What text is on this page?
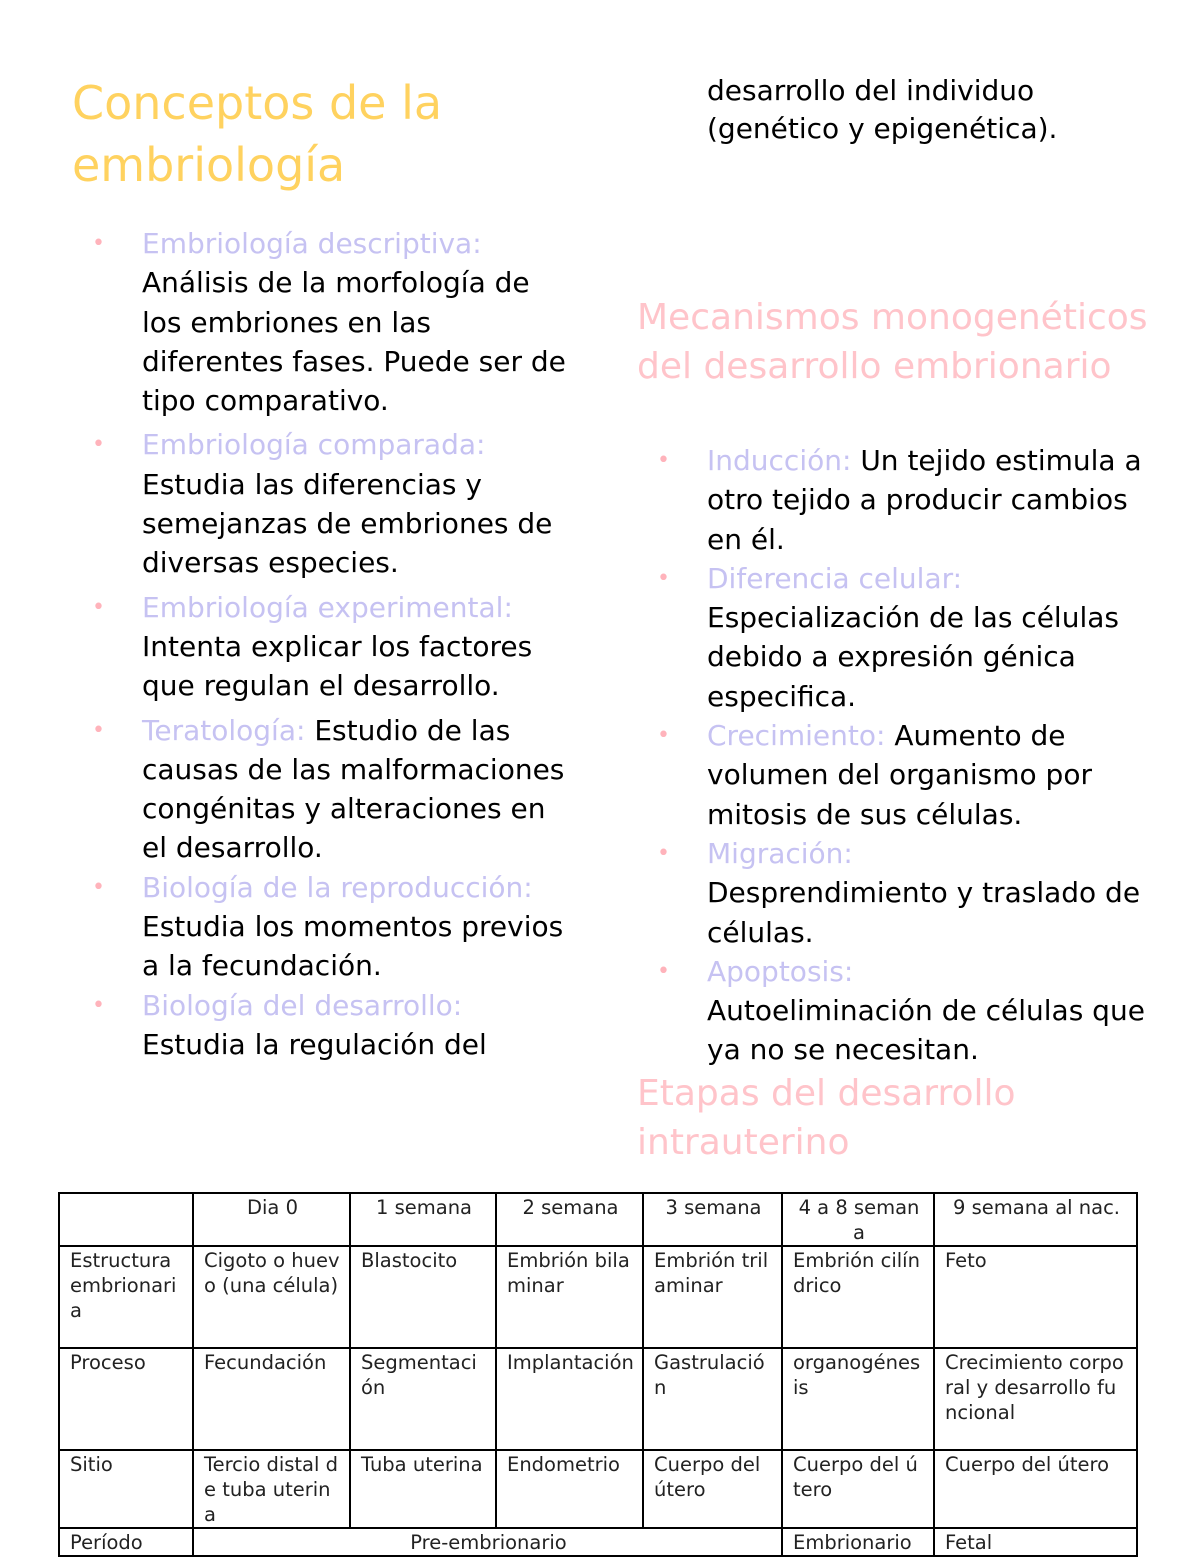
Conceptos de la embriología
• Embriología descriptiva:
Análisis de la morfología de los embriones en las diferentes fases. Puede ser de tipo comparativo.
• Embriología comparada:
Estudia las diferencias y semejanzas de embriones de diversas especies.
• Embriología experimental:
Intenta explicar los factores que regulan el desarrollo.
• Teratología: Estudio de las causas de las malformaciones congénitas y alteraciones en el desarrollo.
• Biología de la reproducción: Estudia los momentos previos a la fecundación.
• Biología del desarrollo:
Estudia la regulación del
desarrollo del individuo (genético y epigenética).
Mecanismos monogenéticos del desarrollo embrionario
• Inducción: Un tejido estimula a otro tejido a producir cambios en él.
• Diferencia celular:
Especialización de las células debido a expresión génica especifica.
• Crecimiento: Aumento de volumen del organismo por mitosis de sus células.
• Migración:
Desprendimiento y traslado de células.
• Apoptosis:
Autoeliminación de células que ya no se necesitan.
Etapas del desarrollo intrauterino
	Dia 0	1 semana	2 semana	3 semana	4 a 8 semana	9 semana al nac.
Estructura embrionaria	Cigoto o huevo (una célula)	Blastocito	Embrión bilaminar	Embrión trilaminar	Embrión cilíndrico	Feto
Proceso	Fecundación	Segmentación	Implantación	Gastrulación	organogénesis	Crecimiento corporal y desarrollo funcional
Sitio	Tercio distal de tuba uterina	Tuba uterina	Endometrio	Cuerpo del útero	Cuerpo del útero	Cuerpo del útero
Período	Pre-embrionario				Embrionario	Fetal
